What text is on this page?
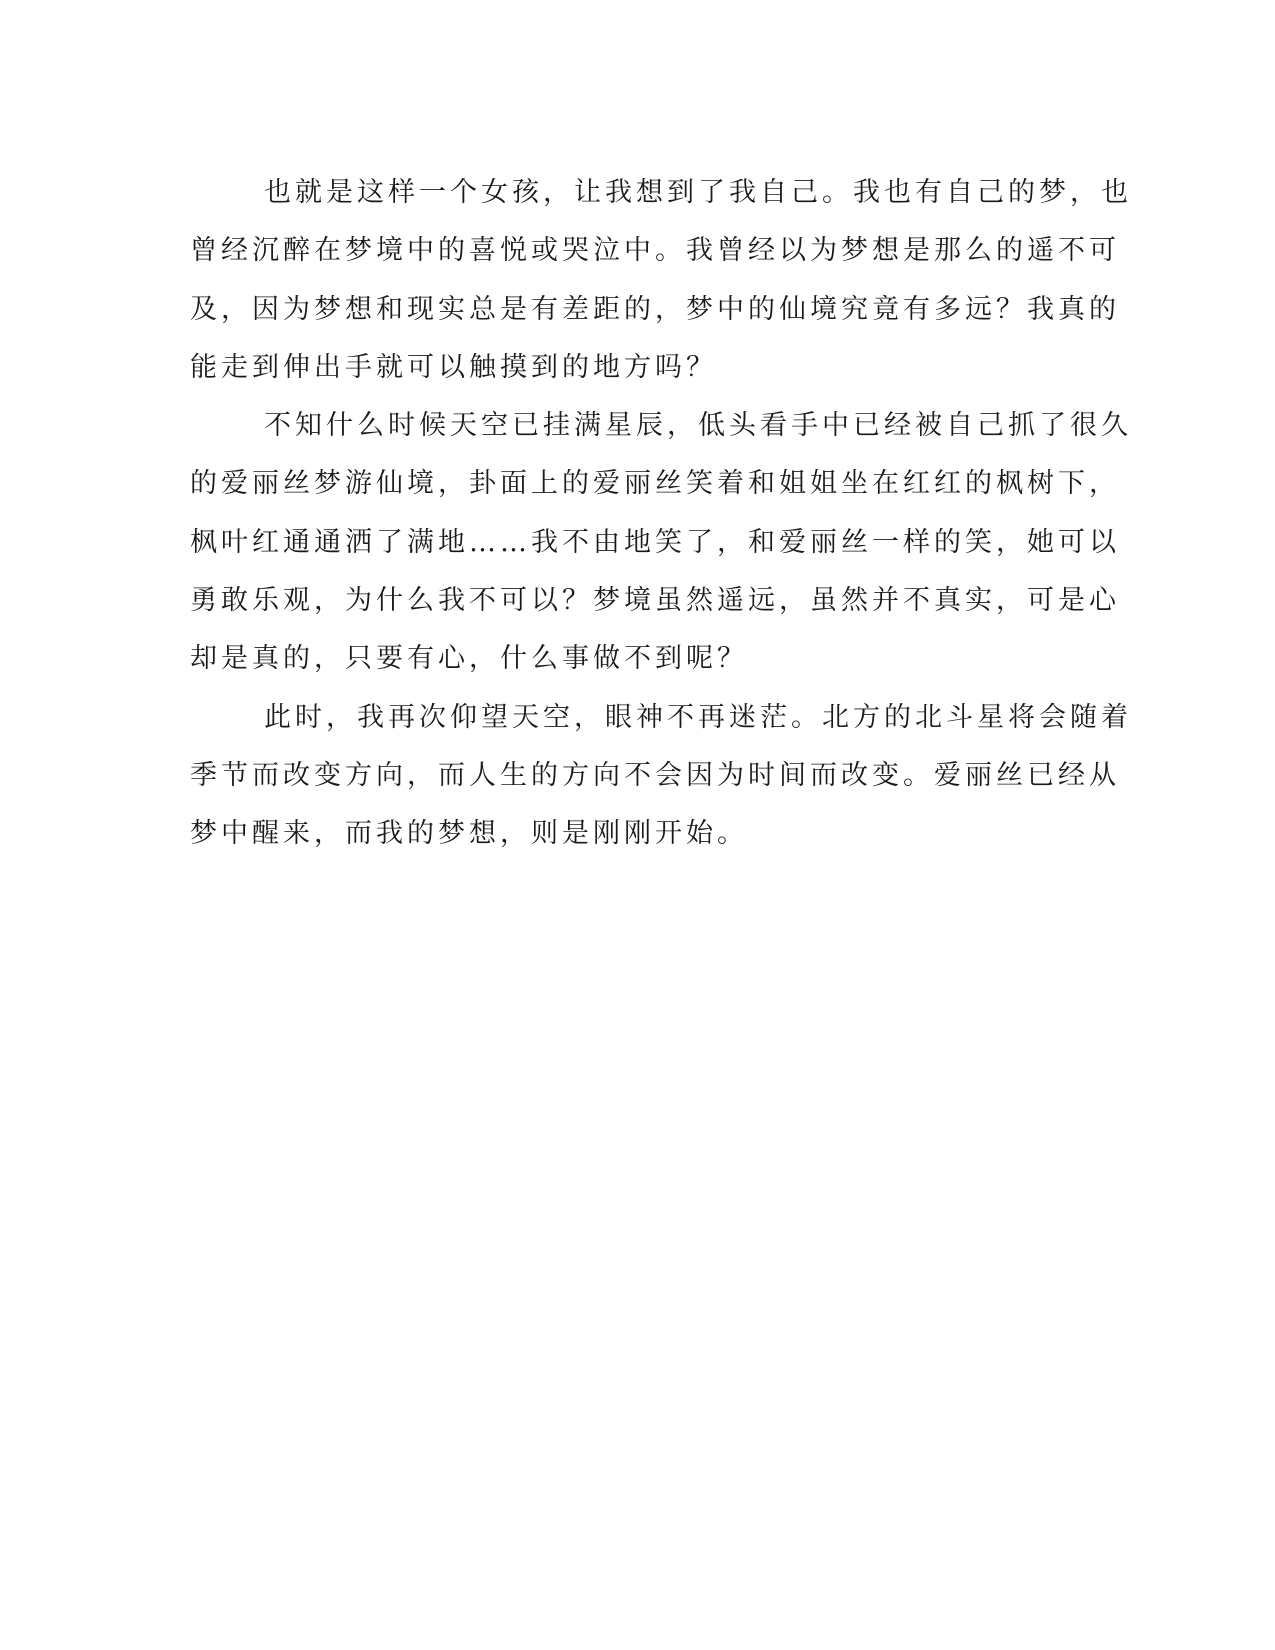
也就是这样一个女孩，让我想到了我自己。我也有自己的梦，也
曾经沉醉在梦境中的喜悦或哭泣中。我曾经以为梦想是那么的遥不可
及，因为梦想和现实总是有差距的，梦中的仙境究竟有多远？我真的
能走到伸出手就可以触摸到的地方吗？

不知什么时候天空已挂满星辰，低头看手中已经被自己抓了很久
的爱丽丝梦游仙境，卦面上的爱丽丝笑着和姐姐坐在红红的枫树下，
枫叶红通通洒了满地……我不由地笑了，和爱丽丝一样的笑，她可以
勇敢乐观，为什么我不可以？梦境虽然遥远，虽然并不真实，可是心
却是真的，只要有心，什么事做不到呢？

此时，我再次仰望天空，眼神不再迷茫。北方的北斗星将会随着
季节而改变方向，而人生的方向不会因为时间而改变。爱丽丝已经从
梦中醒来，而我的梦想，则是刚刚开始。
